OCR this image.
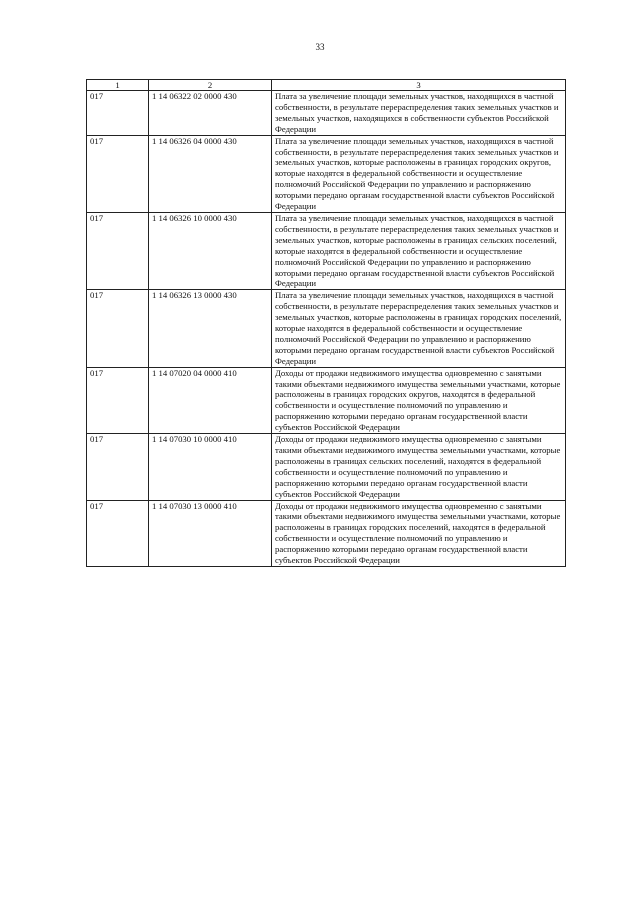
33
1	2	3
017	1 14 06322 02 0000 430	Плата за увеличение площади земельных участков, находящихся в частной собственности, в результате перераспределения таких земельных участков и земельных участков, находящихся в собственности субъектов Российской Федерации
017	1 14 06326 04 0000 430	Плата за увеличение площади земельных участков, находящихся в частной собственности, в результате перераспределения таких земельных участков и земельных участков, которые расположены в границах городских округов, которые находятся в федеральной собственности и осуществление полномочий Российской Федерации по управлению и распоряжению которыми передано органам государственной власти субъектов Российской Федерации
017	1 14 06326 10 0000 430	Плата за увеличение площади земельных участков, находящихся в частной собственности, в результате перераспределения таких земельных участков и земельных участков, которые расположены в границах сельских поселений, которые находятся в федеральной собственности и осуществление полномочий Российской Федерации по управлению и распоряжению которыми передано органам государственной власти субъектов Российской Федерации
017	1 14 06326 13 0000 430	Плата за увеличение площади земельных участков, находящихся в частной собственности, в результате перераспределения таких земельных участков и земельных участков, которые расположены в границах городских поселений, которые находятся в федеральной собственности и осуществление полномочий Российской Федерации по управлению и распоряжению которыми передано органам государственной власти субъектов Российской Федерации
017	1 14 07020 04 0000 410	Доходы от продажи недвижимого имущества одновременно с занятыми такими объектами недвижимого имущества земельными участками, которые расположены в границах городских округов, находятся в федеральной собственности и осуществление полномочий по управлению и распоряжению которыми передано органам государственной власти субъектов Российской Федерации
017	1 14 07030 10 0000 410	Доходы от продажи недвижимого имущества одновременно с занятыми такими объектами недвижимого имущества земельными участками, которые расположены в границах сельских поселений, находятся в федеральной собственности и осуществление полномочий по управлению и распоряжению которыми передано органам государственной власти субъектов Российской Федерации
017	1 14 07030 13 0000 410	Доходы от продажи недвижимого имущества одновременно с занятыми такими объектами недвижимого имущества земельными участками, которые расположены в границах городских поселений, находятся в федеральной собственности и осуществление полномочий по управлению и распоряжению которыми передано органам государственной власти субъектов Российской Федерации
